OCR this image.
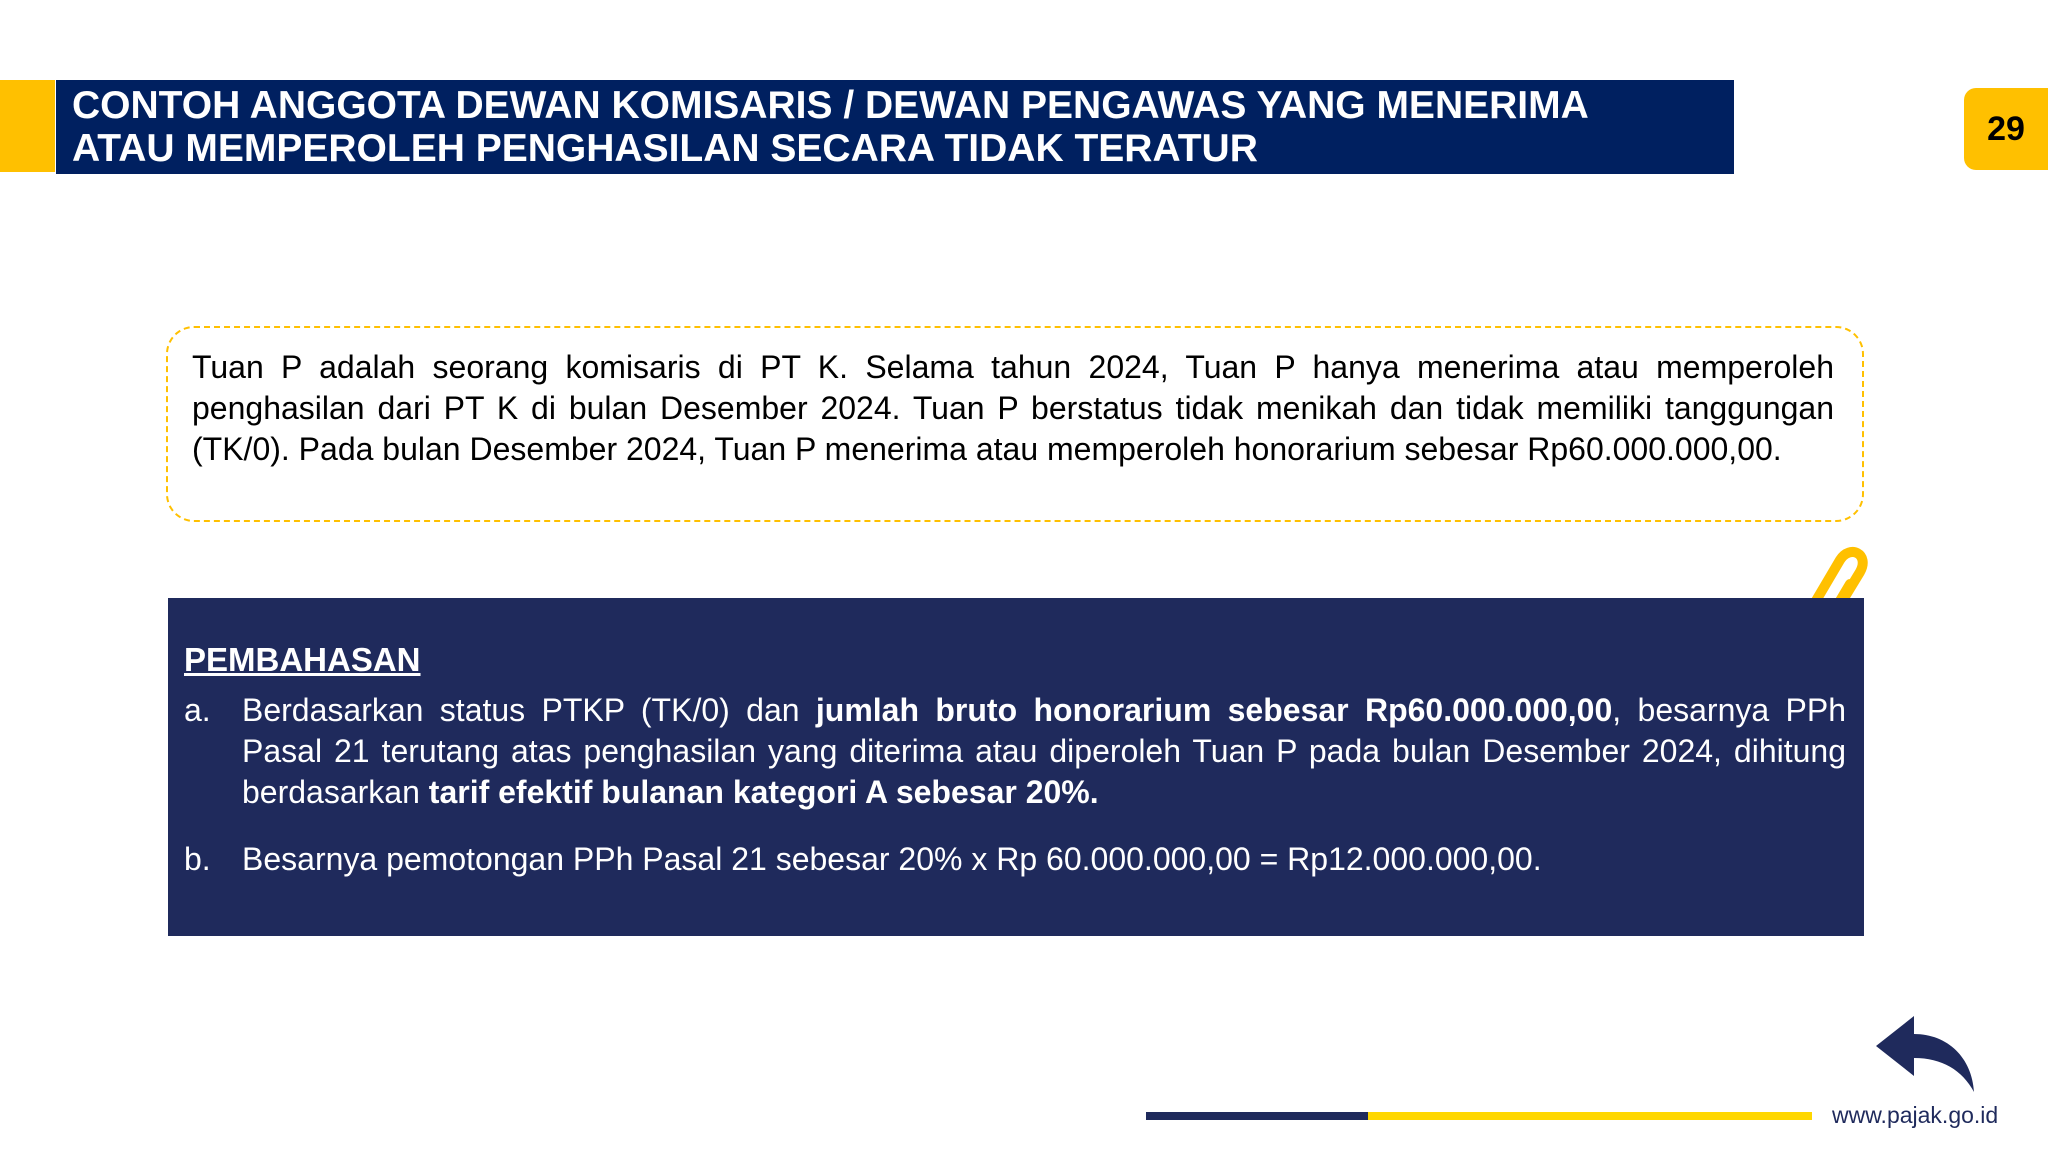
CONTOH ANGGOTA DEWAN KOMISARIS / DEWAN PENGAWAS YANG MENERIMA
ATAU MEMPEROLEH PENGHASILAN SECARA TIDAK TERATUR	29
Tuan P adalah seorang komisaris di PT K. Selama tahun 2024, Tuan P hanya menerima atau memperoleh penghasilan dari PT K di bulan Desember 2024. Tuan P berstatus tidak menikah dan tidak memiliki tanggungan (TK/0). Pada bulan Desember 2024, Tuan P menerima atau memperoleh honorarium sebesar Rp60.000.000,00.
PEMBAHASAN
a. Berdasarkan status PTKP (TK/0) dan jumlah bruto honorarium sebesar Rp60.000.000,00, besarnya PPh Pasal 21 terutang atas penghasilan yang diterima atau diperoleh Tuan P pada bulan Desember 2024, dihitung berdasarkan tarif efektif bulanan kategori A sebesar 20%.
b. Besarnya pemotongan PPh Pasal 21 sebesar 20% x Rp 60.000.000,00 = Rp12.000.000,00.
www.pajak.go.id
